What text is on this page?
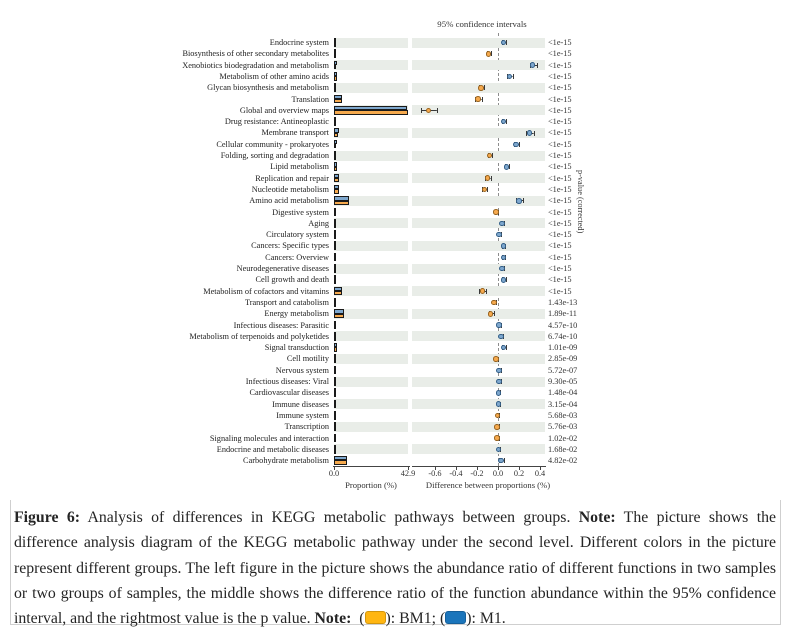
95% confidence intervals
Endocrine system	<1e-15
Biosynthesis of other secondary metabolites	<1e-15
Xenobiotics biodegradation and metabolism	<1e-15
Metabolism of other amino acids	<1e-15
Glycan biosynthesis and metabolism	<1e-15
Translation	<1e-15
Global and overview maps	<1e-15
Drug resistance: Antineoplastic	<1e-15
Membrane transport	<1e-15
Cellular community - prokaryotes	<1e-15
Folding, sorting and degradation	<1e-15
Lipid metabolism	<1e-15
Replication and repair	<1e-15
Nucleotide metabolism	<1e-15
Amino acid metabolism	<1e-15
Digestive system	<1e-15
Aging	<1e-15
Circulatory system	<1e-15
Cancers: Specific types	<1e-15
Cancers: Overview	<1e-15
Neurodegenerative diseases	<1e-15
Cell growth and death	<1e-15
Metabolism of cofactors and vitamins	<1e-15
Transport and catabolism	1.43e-13
Energy metabolism	1.89e-11
Infectious diseases: Parasitic	4.57e-10
Metabolism of terpenoids and polyketides	6.74e-10
Signal transduction	1.01e-09
Cell motility	2.85e-09
Nervous system	5.72e-07
Infectious diseases: Viral	9.30e-05
Cardiovascular diseases	1.48e-04
Immune diseases	3.15e-04
Immune system	5.68e-03
Transcription	5.76e-03
Signaling molecules and interaction	1.02e-02
Endocrine and metabolic diseases	1.68e-02
Carbohydrate metabolism	4.82e-02
0.0	42.9	-0.6 -0.4 -0.2	0.0	0.2	0.4
Proportion (%)	Difference between proportions (%)
p-value (corrected)

Figure 6: Analysis of differences in KEGG metabolic pathways between groups. Note: The picture shows the difference analysis diagram of the KEGG metabolic pathway under the second level. Different colors in the picture represent different groups. The left figure in the picture shows the abundance ratio of different functions in two samples or two groups of samples, the middle shows the difference ratio of the function abundance within the 95% confidence interval, and the rightmost value is the p value. Note:  ( ): BM1; ( ): M1.
